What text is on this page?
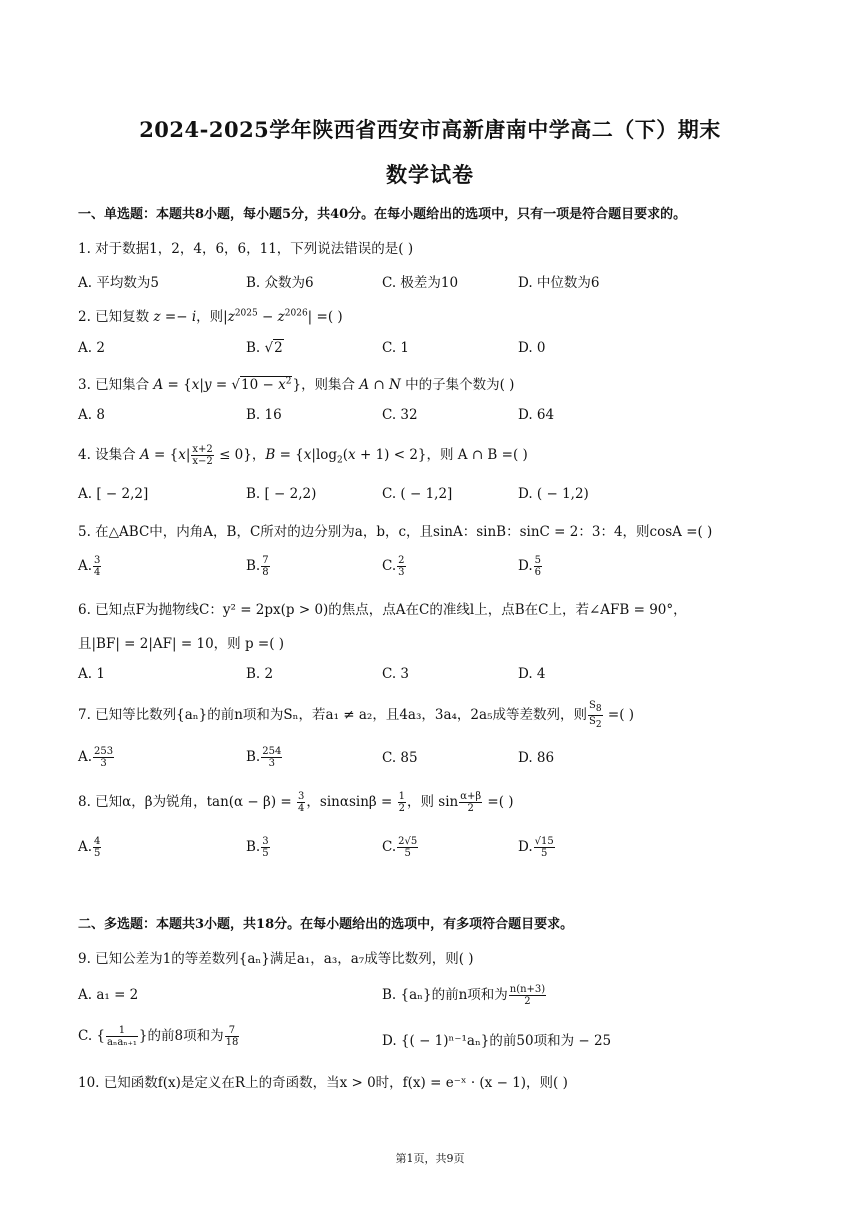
2024-2025学年陕西省西安市高新唐南中学高二（下）期末
数学试卷
一、单选题：本题共8小题，每小题5分，共40分。在每小题给出的选项中，只有一项是符合题目要求的。
1. 对于数据1，2，4，6，6，11，下列说法错误的是( )
A. 平均数为5	B. 众数为6	C. 极差为10	D. 中位数为6
2. 已知复数 z =− i，则$|z^{2025} - z^{2026}|$ =( )
A. 2	B. √2	C. 1	D. 0
3. 已知集合 $A = \{x|y = √10 - x^2\}$，则集合 A ∩ N 中的子集个数为( )
A. 8	B. 16	C. 32	D. 64
4. 设集合 $A = \{x| \frac{x+2}{x-2} \le 0\}$，$B = \{x|\log_2(x + 1) < 2\}$，则 A ∩ B =( )
A. [ − 2,2]	B. [ − 2,2)	C. ( − 1,2]	D. ( − 1,2)
5. 在△ABC中，内角A，B，C所对的边分别为a，b，c，且sinA：sinB：sinC = 2：3：4，则cosA =( )
A. $\frac{3}{4}$	B. $\frac{7}{8}$	C. $\frac{2}{3}$	D. $\frac{5}{6}$
6. 已知点F为抛物线C：y² = 2px(p > 0)的焦点，点A在C的准线l上，点B在C上，若∠AFB = 90°，
且|BF| = 2|AF| = 10，则 p =( )
A. 1	B. 2	C. 3	D. 4
7. 已知等比数列{aₙ}的前n项和为Sₙ，若a₁ ≠ a₂，且4a₃，3a₄，2a₅成等差数列，则 $\frac{S_8}{S_2}$ =( )
A. $\frac{253}{3}$	B. $\frac{254}{3}$	C. 85	D. 86
8. 已知α，β为锐角，$\tan(\alpha - \beta) = \frac{3}{4}$ ，$\sin\alpha\sin\beta = \frac{1}{2}$ ，则 $\sin \frac{\alpha+\beta}{2}$ =( )
A. $\frac{4}{5}$	B. $\frac{3}{5}$	C. $\frac{2√5}{5}$	D. $\frac{√15}{5}$
二、多选题：本题共3小题，共18分。在每小题给出的选项中，有多项符合题目要求。
9. 已知公差为1的等差数列{aₙ}满足a₁，a₃，a₇成等比数列，则( )
A. a₁ = 2	B. {aₙ}的前n项和为 $\frac{n(n+3)}{2}$
C. { $\frac{1}{\text{aₙaₙ₊₁}}$ }的前8项和为 $\frac{7}{18}$	D. {( − 1)ⁿ⁻¹aₙ}的前50项和为 − 25
10. 已知函数f(x)是定义在R上的奇函数，当x > 0时，f(x) = e⁻ˣ · (x − 1)，则( )
第1页，共9页
